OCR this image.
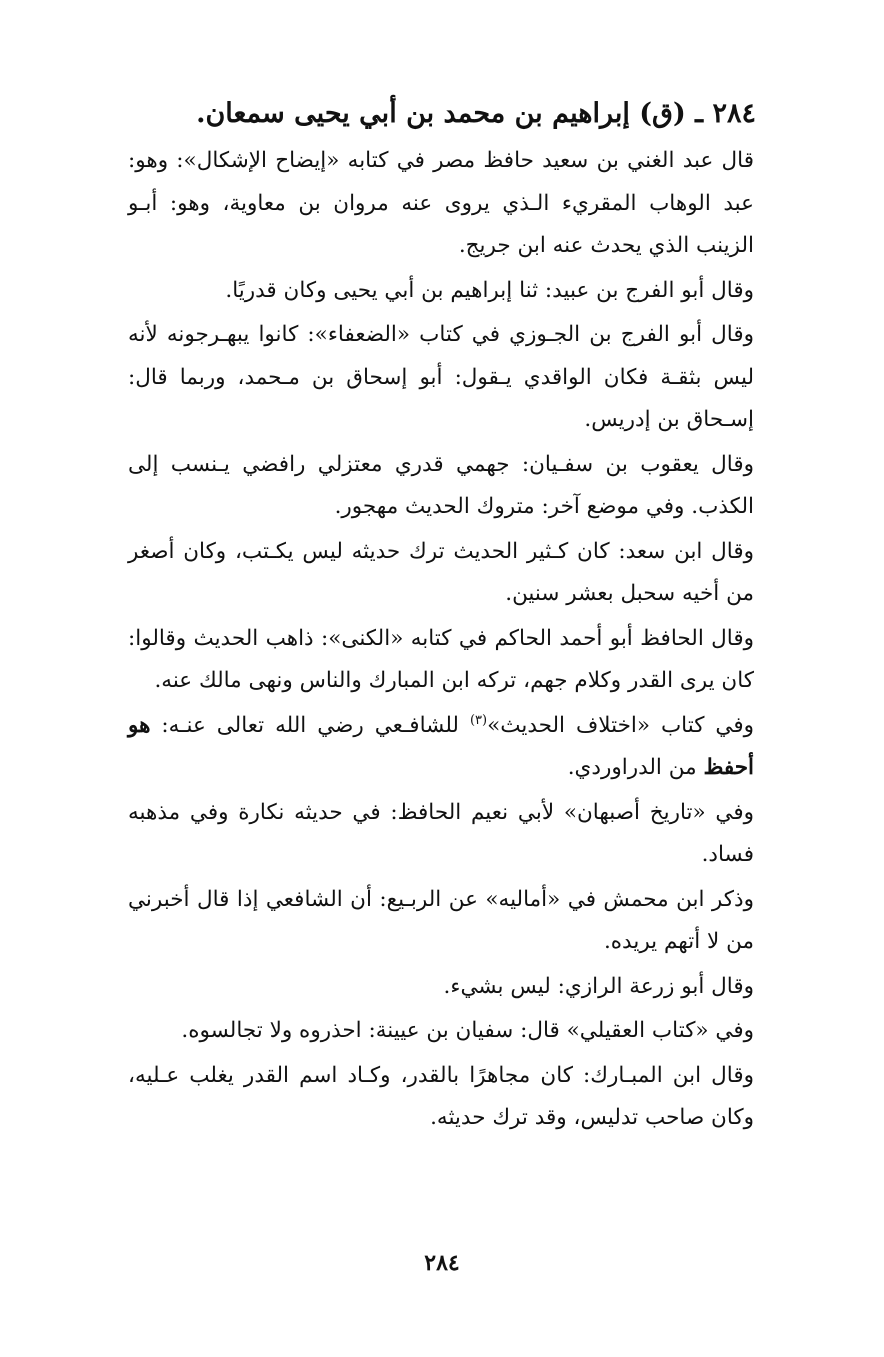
٢٨٤ ـ (ق) إبراهيم بن محمد بن أبي يحيى سمعان.

قال عبد الغني بن سعيد حافظ مصر في كتابه «إيضاح الإشكال»: وهو: عبد الوهاب المقريء الـذي يروى عنه مروان بن معاوية، وهو: أبـو الزينب الذي يحدث عنه ابن جريج.

وقال أبو الفرج بن عبيد: ثنا إبراهيم بن أبي يحيى وكان قدريًا.

وقال أبو الفرج بن الجـوزي في كتاب «الضعفاء»: كانوا يبهـرجونه لأنه ليس بثقـة فكان الواقدي يـقول: أبو إسحاق بن مـحمد، وربما قال: إسـحاق بن إدريس.

وقال يعقوب بن سفـيان: جهمي قدري معتزلي رافضي يـنسب إلى الكذب. وفي موضع آخر: متروك الحديث مهجور.

وقال ابن سعد: كان كـثير الحديث ترك حديثه ليس يكـتب، وكان أصغر من أخيه سحبل بعشر سنين.

وقال الحافظ أبو أحمد الحاكم في كتابه «الكنى»: ذاهب الحديث وقالوا: كان يرى القدر وكلام جهم، تركه ابن المبارك والناس ونهى مالك عنه.

وفي كتاب «اختلاف الحديث»$^{(٣)}$ للشافـعي رضي الله تعالى عنـه: هو أحفظ من الدراوردي.

وفي «تاريخ أصبهان» لأبي نعيم الحافظ: في حديثه نكارة وفي مذهبه فساد.

وذكر ابن محمش في «أماليه» عن الربـيع: أن الشافعي إذا قال أخبرني من لا أتهم يريده.

وقال أبو زرعة الرازي: ليس بشيء.

وفي «كتاب العقيلي» قال: سفيان بن عيينة: احذروه ولا تجالسوه.

وقال ابن المبـارك: كان مجاهرًا بالقدر، وكـاد اسم القدر يغلب عـليه، وكان صاحب تدليس، وقد ترك حديثه.

٢٨٤
